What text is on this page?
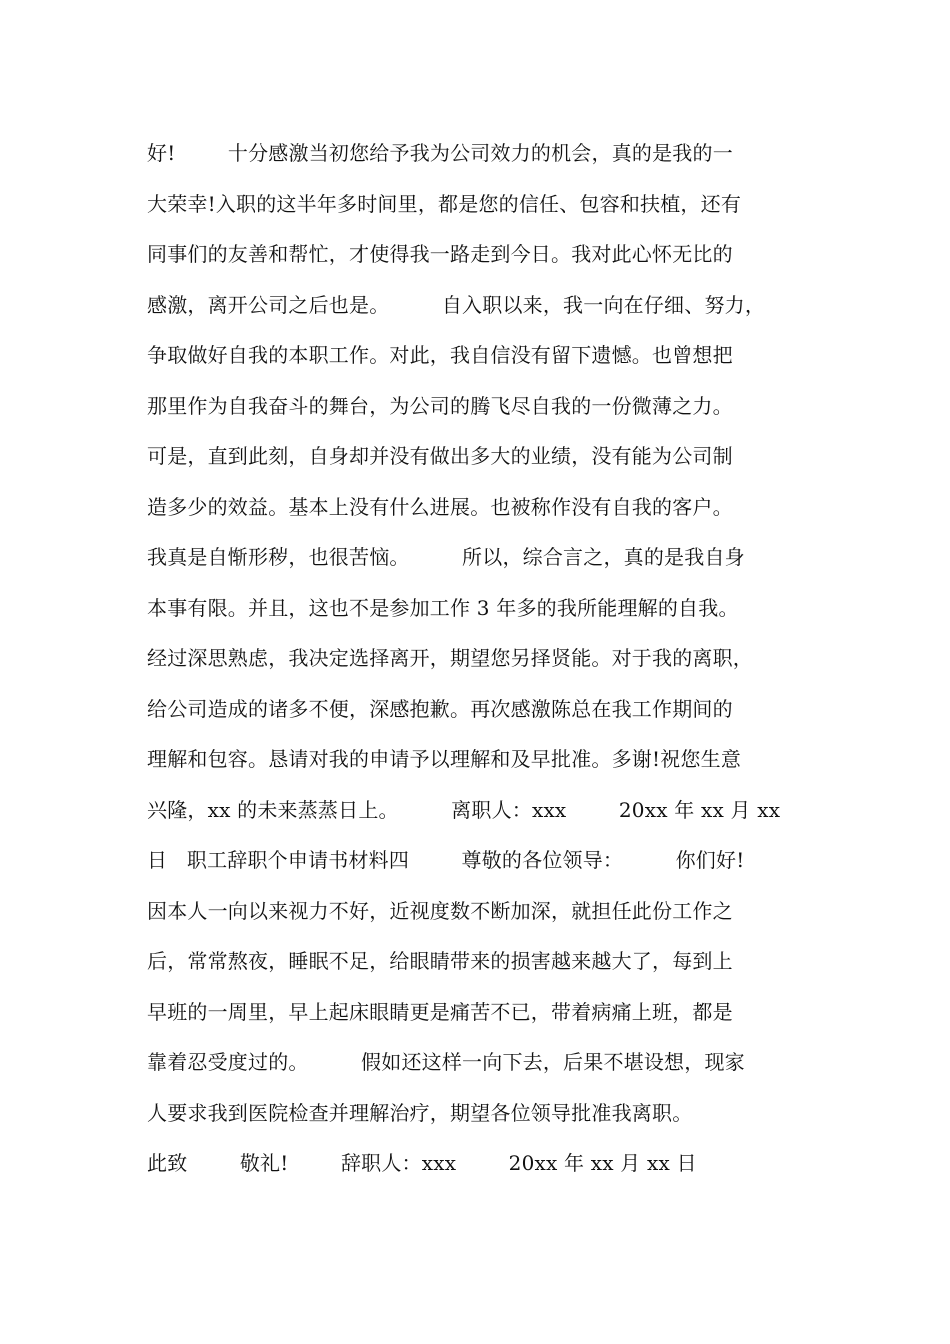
好!        十分感激当初您给予我为公司效力的机会，真的是我的一
大荣幸!入职的这半年多时间里，都是您的信任、包容和扶植，还有
同事们的友善和帮忙，才使得我一路走到今日。我对此心怀无比的
感激，离开公司之后也是。        自入职以来，我一向在仔细、努力，
争取做好自我的本职工作。对此，我自信没有留下遗憾。也曾想把
那里作为自我奋斗的舞台，为公司的腾飞尽自我的一份微薄之力。
可是，直到此刻，自身却并没有做出多大的业绩，没有能为公司制
造多少的效益。基本上没有什么进展。也被称作没有自我的客户。
我真是自惭形秽，也很苦恼。        所以，综合言之，真的是我自身
本事有限。并且，这也不是参加工作 3 年多的我所能理解的自我。
经过深思熟虑，我决定选择离开，期望您另择贤能。对于我的离职，
给公司造成的诸多不便，深感抱歉。再次感激陈总在我工作期间的
理解和包容。恳请对我的申请予以理解和及早批准。多谢!祝您生意
兴隆，xx 的未来蒸蒸日上。        离职人：xxx        20xx 年 xx 月 xx
日   职工辞职个申请书材料四        尊敬的各位领导：        你们好!
因本人一向以来视力不好，近视度数不断加深，就担任此份工作之
后，常常熬夜，睡眠不足，给眼睛带来的损害越来越大了，每到上
早班的一周里，早上起床眼睛更是痛苦不已，带着病痛上班，都是
靠着忍受度过的。        假如还这样一向下去，后果不堪设想，现家
人要求我到医院检查并理解治疗，期望各位领导批准我离职。
此致        敬礼!        辞职人：xxx        20xx 年 xx 月 xx 日
